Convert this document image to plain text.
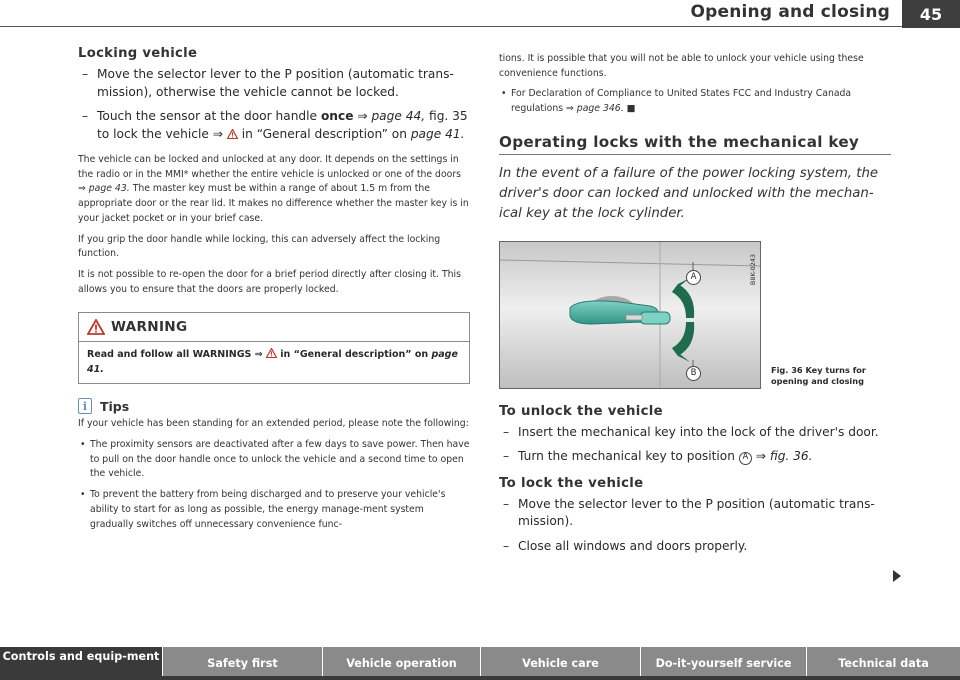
Opening and closing	45
Locking vehicle
– Move the selector lever to the P position (automatic trans-mission), otherwise the vehicle cannot be locked.
– Touch the sensor at the door handle once ⇒ page 44, fig. 35 to lock the vehicle ⇒ in “General description” on page 41.

The vehicle can be locked and unlocked at any door. It depends on the settings in the radio or in the MMI* whether the entire vehicle is unlocked or one of the doors ⇒ page 43. The master key must be within a range of about 1.5 m from the appropriate door or the rear lid. It makes no difference whether the master key is in your jacket pocket or in your brief case.

If you grip the door handle while locking, this can adversely affect the locking function.

It is not possible to re-open the door for a brief period directly after closing it. This allows you to ensure that the doors are properly locked.

WARNING
Read and follow all WARNINGS ⇒ in “General description” on page 41.
i	Tips

If your vehicle has been standing for an extended period, please note the following:

• The proximity sensors are deactivated after a few days to save power. Then have to pull on the door handle once to unlock the vehicle and a second time to open the vehicle.

• To prevent the battery from being discharged and to preserve your vehicle's ability to start for as long as possible, the energy manage-ment system gradually switches off unnecessary convenience func-

tions. It is possible that you will not be able to unlock your vehicle using these convenience functions.

• For Declaration of Compliance to United States FCC and Industry Canada regulations ⇒ page 346. ■

Operating locks with the mechanical key

In the event of a failure of the power locking system, the driver's door can locked and unlocked with the mechan-ical key at the lock cylinder.

A
B
B8K-0243
Fig. 36 Key turns for opening and closing
To unlock the vehicle
– Insert the mechanical key into the lock of the driver's door.
– Turn the mechanical key to position A ⇒ fig. 36.
To lock the vehicle
– Move the selector lever to the P position (automatic trans-mission).
– Close all windows and doors properly.
Controls and equip-ment
Safety first	Vehicle operation	Vehicle care	Do-it-yourself service	Technical data
